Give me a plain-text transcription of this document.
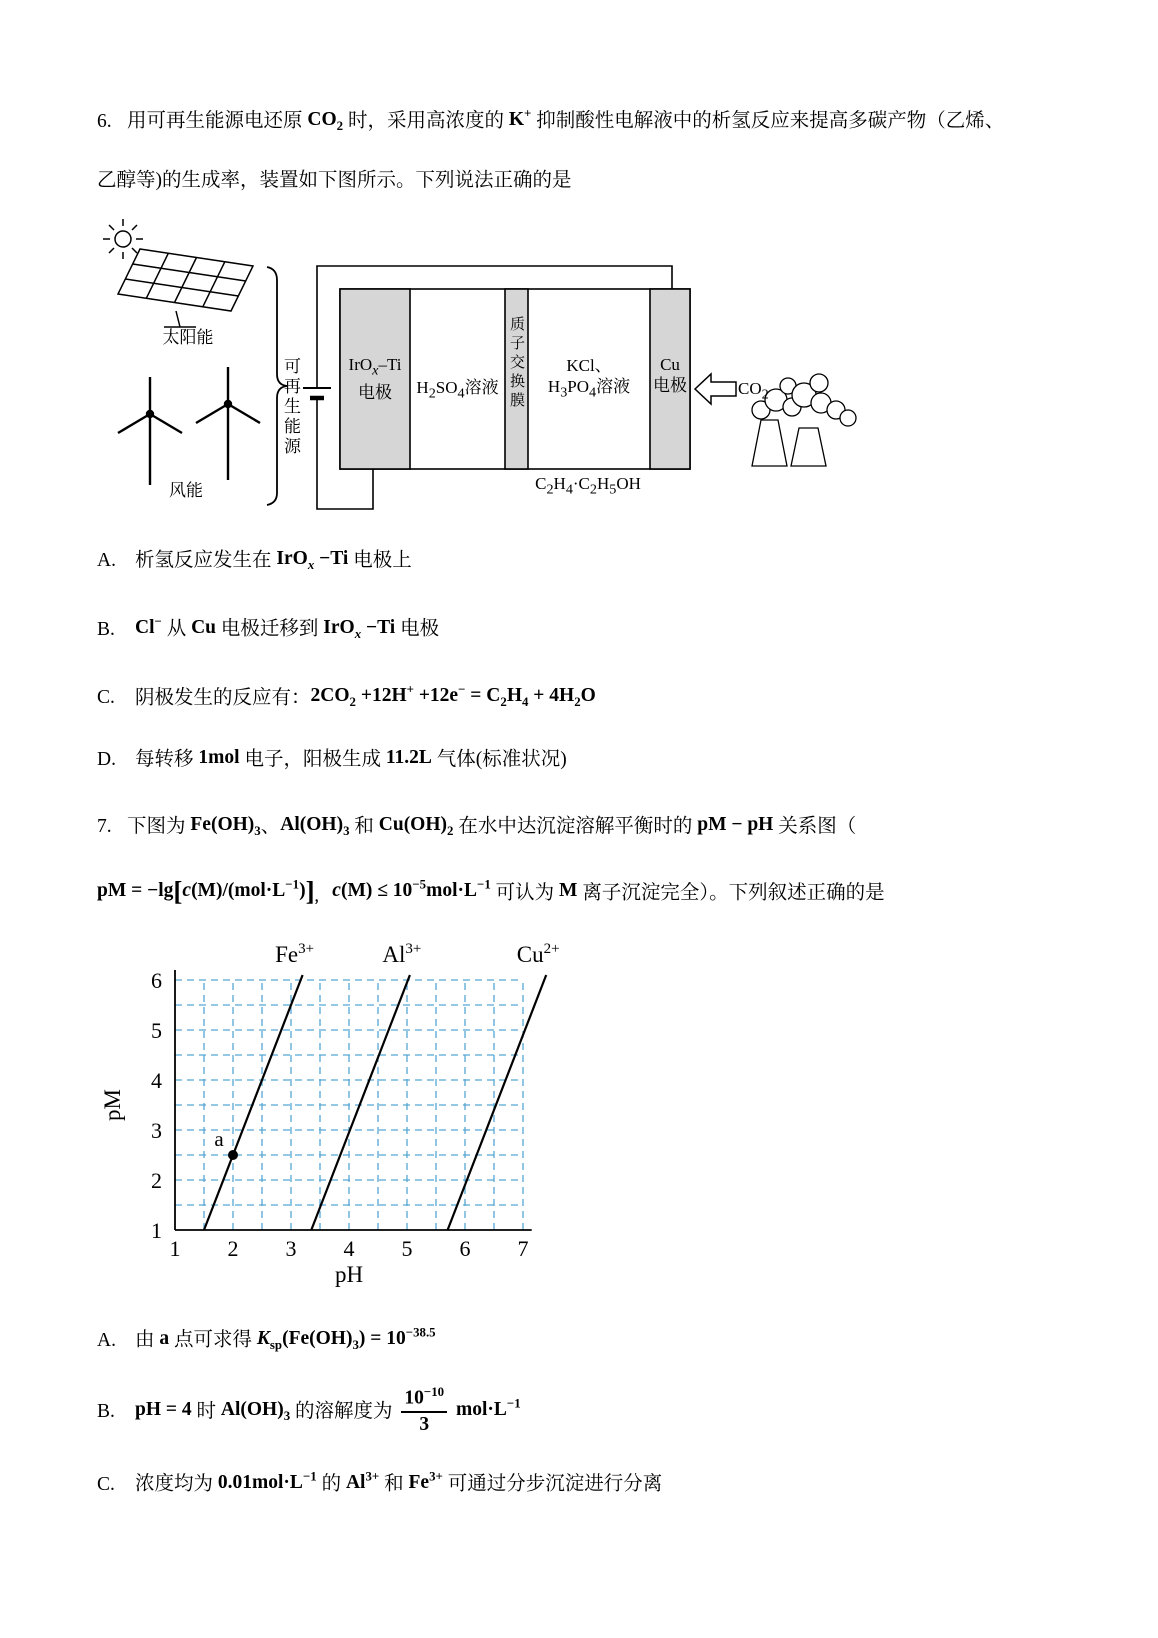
6. 用可再生能源电还原 $CO_2$ 时，采用高浓度的 K+ 抑制酸性电解液中的析氢反应来提高多碳产物（乙烯、
乙醇等)的生成率，装置如下图所示。下列说法正确的是

太阳能
风能
可再生能源	IrO$_x$–Ti
电极	$H_2SO_4$溶液 质子交换膜	KCl、
$H_3PO_4$溶液
Cu
电极	$CO_2$
$C_2H_4\cdot C_2H_5OH$

A. 析氢反应发生在 IrO$_x$ −Ti 电极上

B. Cl− 从 Cu 电极迁移到 IrO$_x$ −Ti 电极

C. 阴极发生的反应有：$2CO_2 +12H^+ +12e^- = C_2H_4 + 4H_2O$

D. 每转移 1mol 电子，阳极生成 11.2L 气体(标准状况)

7. 下图为 $Fe(OH)_3$、$Al(OH)_3$ 和 $Cu(OH)_2$ 在水中达沉淀溶解平衡时的 pM − pH 关系图（
pM = $-\lg[c(M)/(mol\cdot L^{-1})]_,$ $c(M) \le 10^{-5}mol\cdot L^{-1}$ 可认为 M 离子沉淀完全）。下列叙述正确的是

$Fe^{3+}$	$Al^{3+}$	$Cu^{2+}$
1
2
3
4
5
6
1 2 3 4 5 6 7
pH
pM
a

A. 由 a 点可求得 $K_{sp}(Fe(OH)_3) = 10^{-38.5}$

B. pH = 4 时 $Al(OH)_3$ 的溶解度为 $\frac{10^{-10}}{3} mol\cdot L^{-1}$

C. 浓度均为 $0.01mol\cdot L^{-1}$ 的 $Al^{3+}$ 和 $Fe^{3+}$ 可通过分步沉淀进行分离
